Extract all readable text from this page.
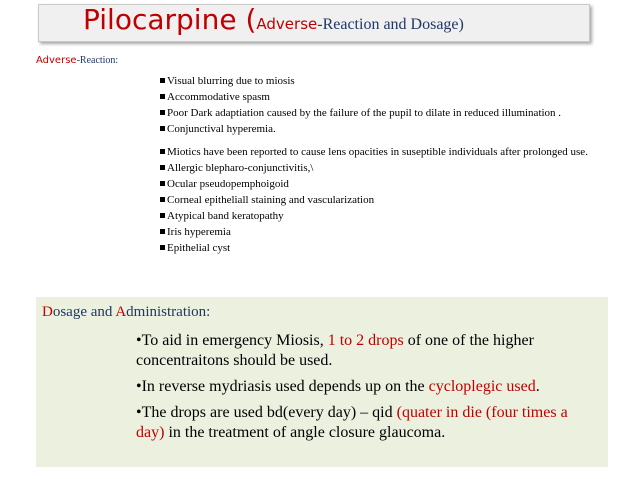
Pilocarpine (Adverse-Reaction and Dosage)
Adverse-Reaction:
Visual blurring due to miosis
Accommodative spasm
Poor Dark adaptiation caused by the failure of the pupil to dilate in reduced illumination .
Conjunctival hyperemia.
Miotics have been reported to cause lens opacities in suseptible individuals after prolonged use.
Allergic blepharo-conjunctivitis,\
Ocular pseudopemphoigoid
Corneal epitheliall staining and vascularization
Atypical band keratopathy
Iris hyperemia
Epithelial cyst
Dosage and Administration:
•To aid in emergency Miosis, 1 to 2 drops of one of the higher concentraitons should be used.
•In reverse mydriasis used depends up on the cycloplegic used.
•The drops are used bd(every day) – qid (quater in die (four times a day) in the treatment of angle closure glaucoma.
